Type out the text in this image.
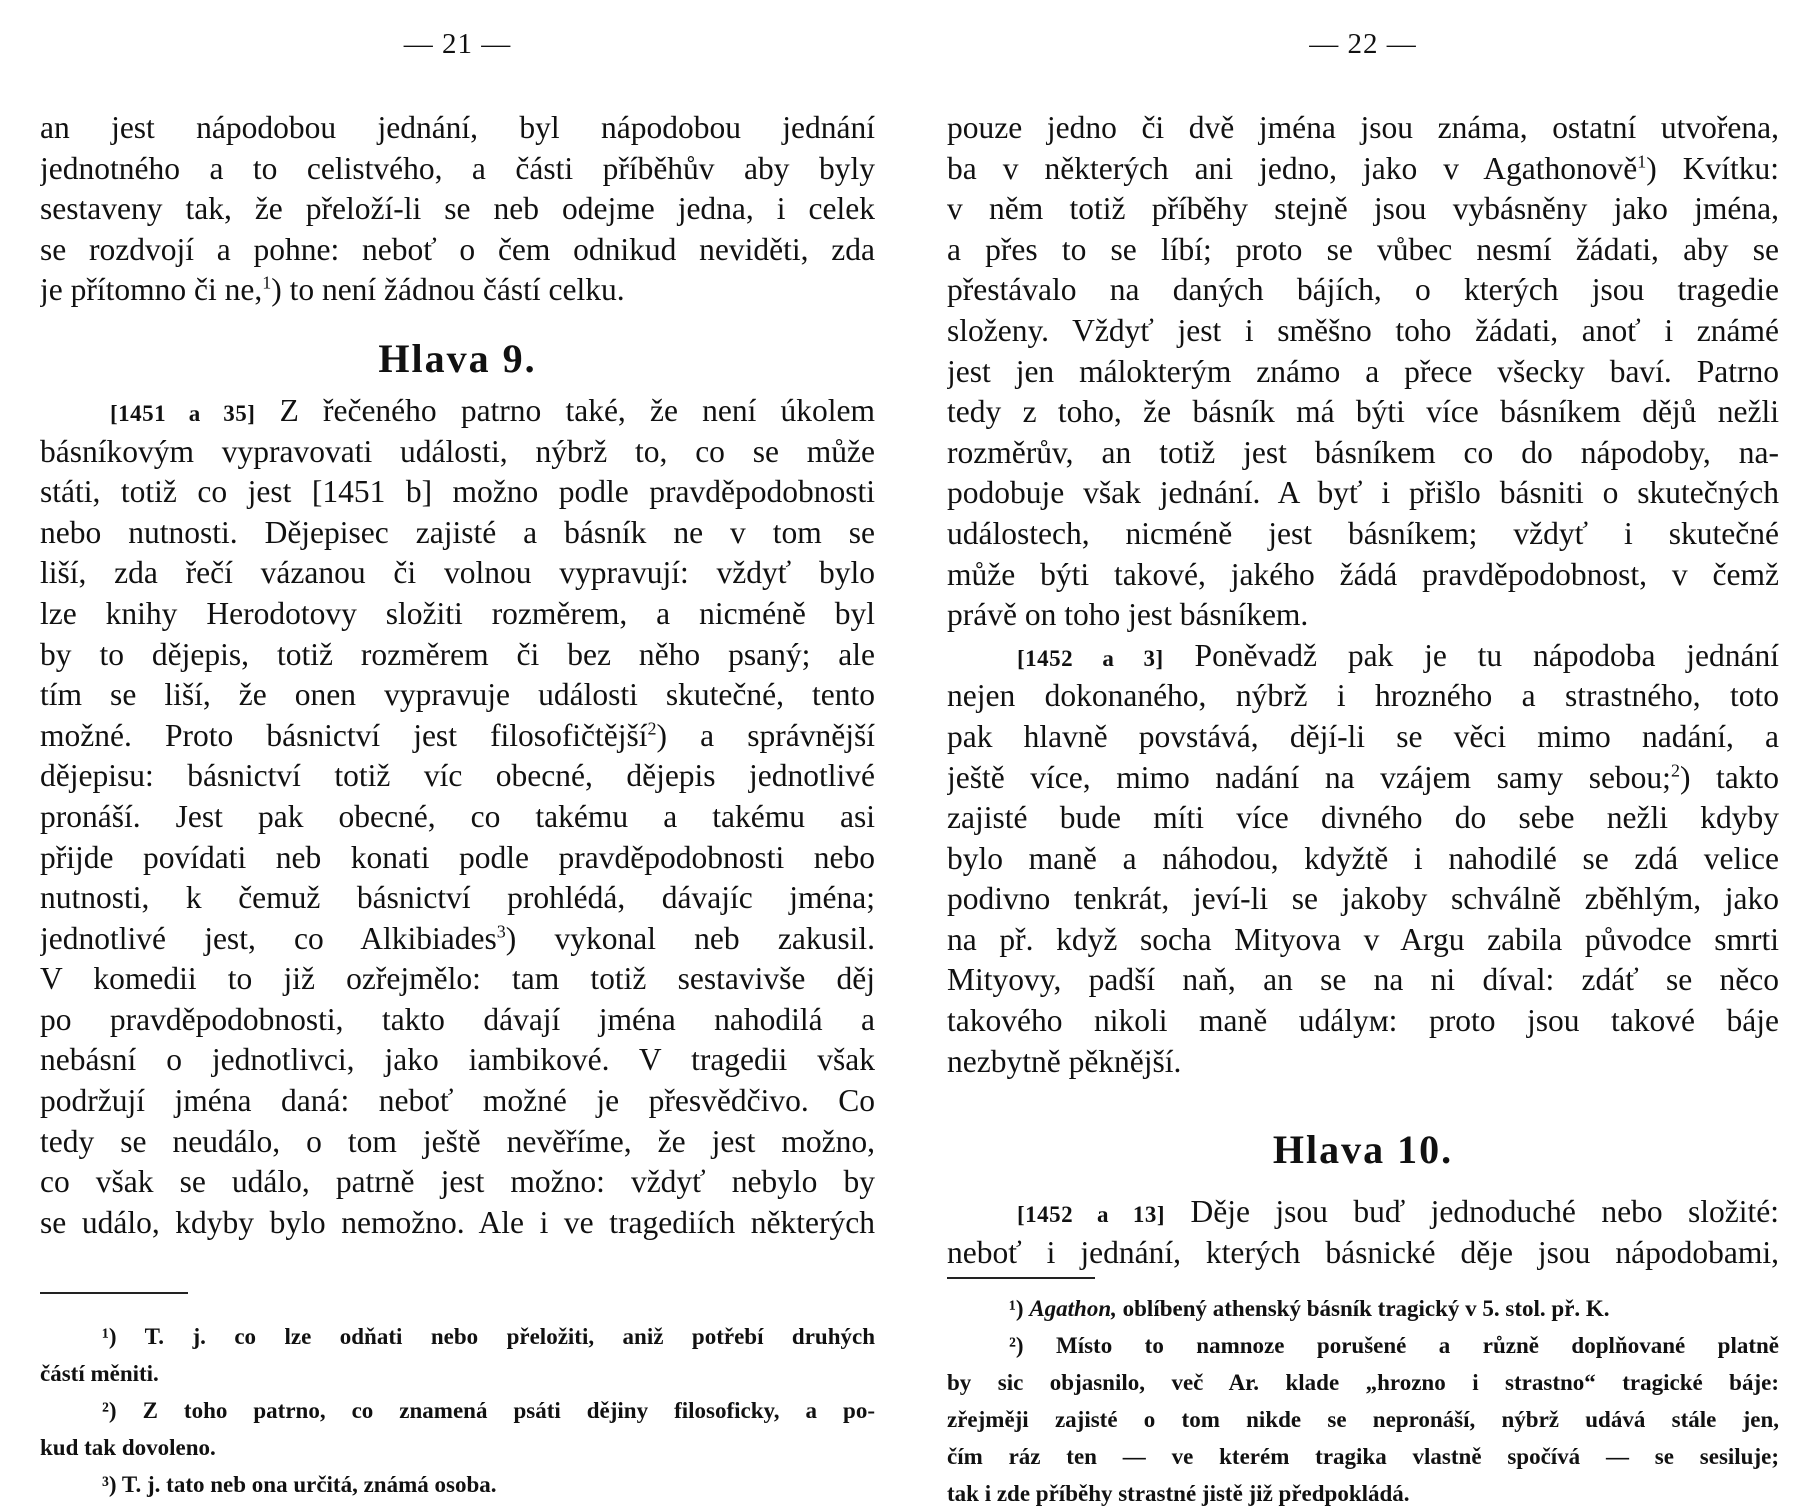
— 21 —
an jest nápodobou jednání, byl nápodobou jednání
jednotného a to celistvého, a části příběhův aby byly
sestaveny tak, že přeloží-li se neb odejme jedna, i celek
se rozdvojí a pohne: neboť o čem odnikud neviděti, zda
je přítomno či ne,$^1$) to není žádnou částí celku.
Hlava 9.
[1451 a 35] Z řečeného patrno také, že není úkolem
básníkovým vypravovati události, nýbrž to, co se může
státi, totiž co jest [1451 b] možno podle pravděpodobnosti
nebo nutnosti. Dějepisec zajisté a básník ne v tom se
liší, zda řečí vázanou či volnou vypravují: vždyť bylo
lze knihy Herodotovy složiti rozměrem, a nicméně byl
by to dějepis, totiž rozměrem či bez něho psaný; ale
tím se liší, že onen vypravuje události skutečné, tento
možné. Proto básnictví jest filosofičtější$^2$) a správnější
dějepisu: básnictví totiž víc obecné, dějepis jednotlivé
pronáší. Jest pak obecné, co takému a takému asi
přijde povídati neb konati podle pravděpodobnosti nebo
nutnosti, k čemuž básnictví prohlédá, dávajíc jména;
jednotlivé jest, co Alkibiades$^3$) vykonal neb zakusil.
V komedii to již ozřejmělo: tam totiž sestavivše děj
po pravděpodobnosti, takto dávají jména nahodilá a
nebásní o jednotlivci, jako iambikové. V tragedii však
podržují jména daná: neboť možné je přesvědčivo. Co
tedy se neudálo, o tom ještě nevěříme, že jest možno,
co však se událo, patrně jest možno: vždyť nebylo by
se událo, kdyby bylo nemožno. Ale i ve tragediích některých
¹) T. j. co lze odňati nebo přeložiti, aniž potřebí druhých
částí měniti.
²) Z toho patrno, co znamená psáti dějiny filosoficky, a po-
kud tak dovoleno.
³) T. j. tato neb ona určitá, známá osoba.
— 22 —
pouze jedno či dvě jména jsou známa, ostatní utvořena,
ba v některých ani jedno, jako v Agathonově$^1$) Kvítku:
v něm totiž příběhy stejně jsou vybásněny jako jména,
a přes to se líbí; proto se vůbec nesmí žádati, aby se
přestávalo na daných bájích, o kterých jsou tragedie
složeny. Vždyť jest i směšno toho žádati, anoť i známé
jest jen málokterým známo a přece všecky baví. Patrno
tedy z toho, že básník má býti více básníkem dějů nežli
rozměrův, an totiž jest básníkem co do nápodoby, na-
podobuje však jednání. A byť i přišlo básniti o skutečných
událostech, nicméně jest básníkem; vždyť i skutečné
může býti takové, jakého žádá pravděpodobnost, v čemž
právě on toho jest básníkem.
[1452 a 3] Poněvadž pak je tu nápodoba jednání
nejen dokonaného, nýbrž i hrozného a strastného, toto
pak hlavně povstává, dějí-li se věci mimo nadání, a
ještě více, mimo nadání na vzájem samy sebou;$^2$) takto
zajisté bude míti více divného do sebe nežli kdyby
bylo maně a náhodou, kdyžtě i nahodilé se zdá velice
podivno tenkrát, jeví-li se jakoby schválně zběhlým, jako
na př. když socha Mityova v Argu zabila původce smrti
Mityovy, padší naň, an se na ni díval: zdáť se něco
takového nikoli maně udályм: proto jsou takové báje
nezbytně pěknější.
Hlava 10.
[1452 a 13] Děje jsou buď jednoduché nebo složité:
neboť i jednání, kterých básnické děje jsou nápodobami,
¹) Agathon, oblíbený athenský básník tragický v 5. stol. př. K.
²) Místo to namnoze porušené a různě doplňované platně
by sic objasnilo, več Ar. klade „hrozno i strastno“ tragické báje:
zřejměji zajisté o tom nikde se nepronáší, nýbrž udává stále jen,
čím ráz ten — ve kterém tragika vlastně spočívá — se sesiluje;
tak i zde příběhy strastné jistě již předpokládá.
